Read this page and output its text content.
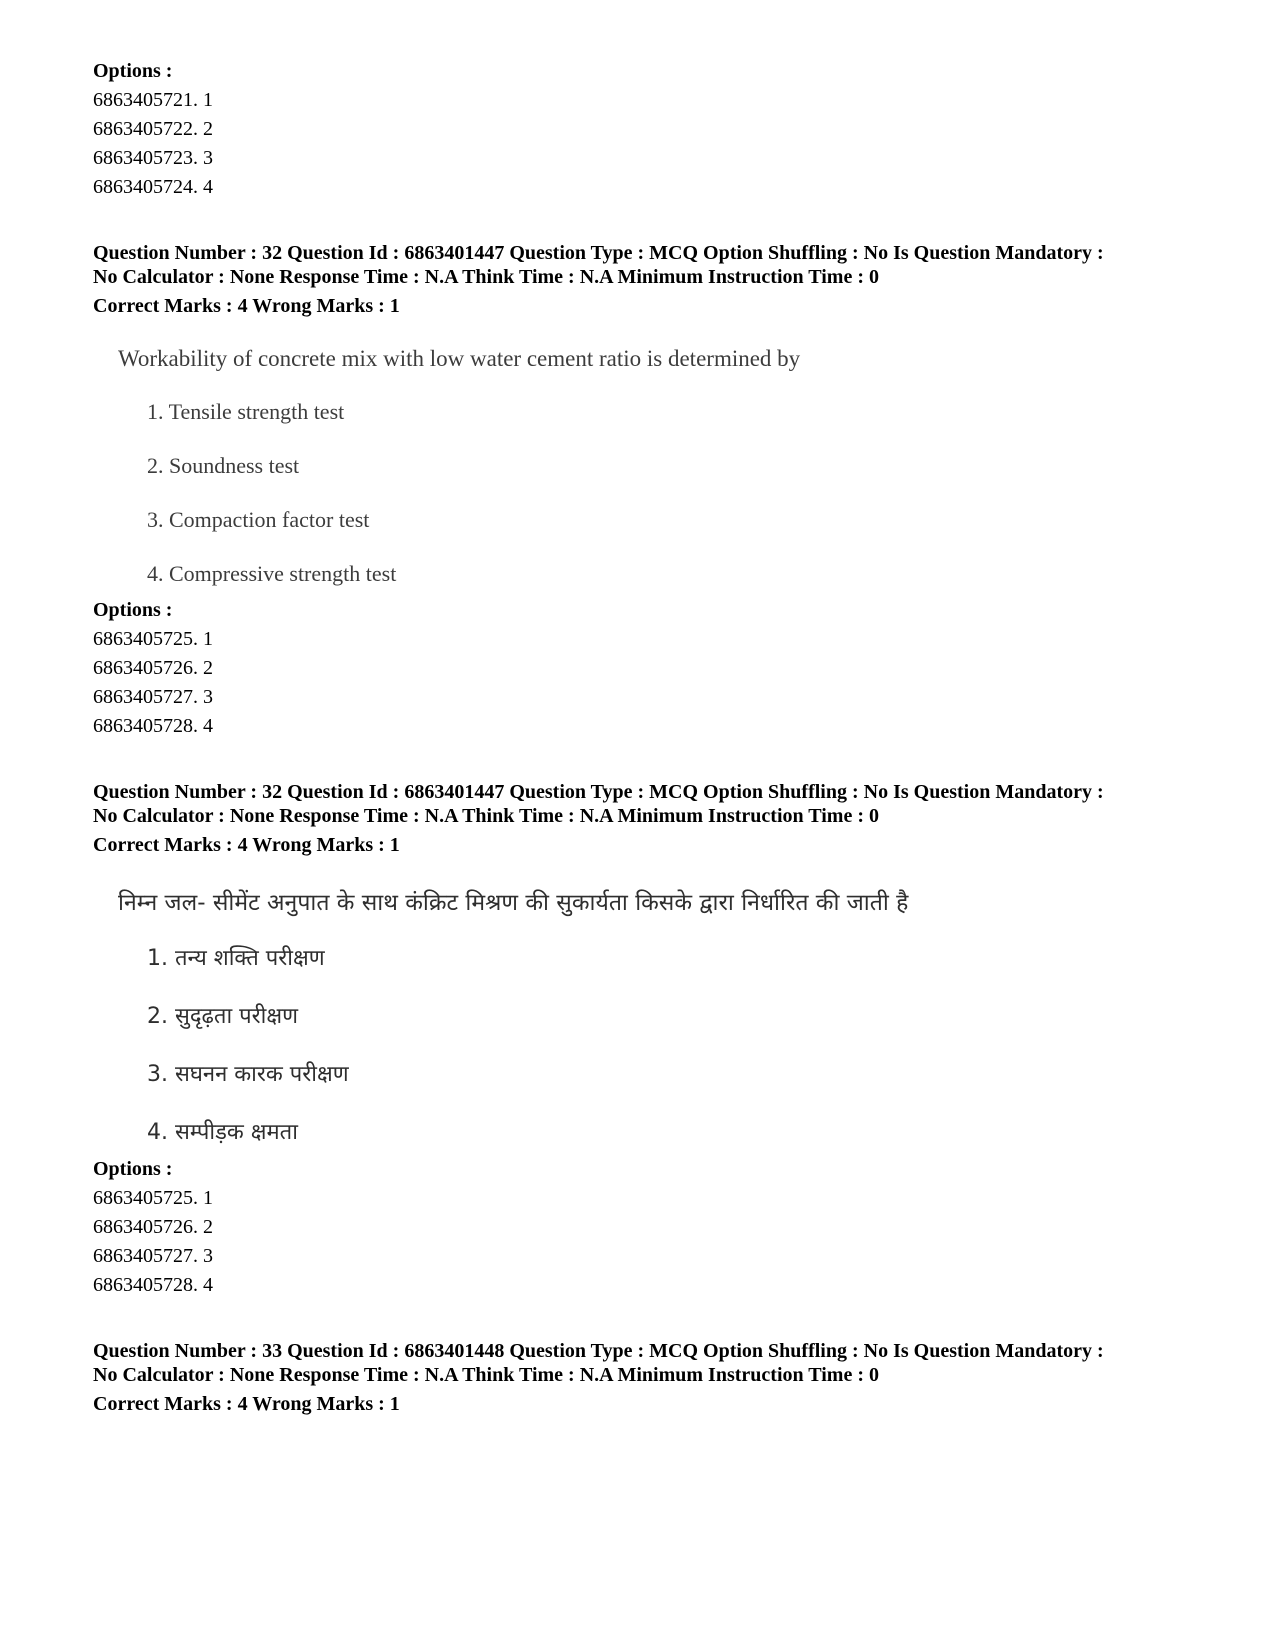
Options :
6863405721. 1
6863405722. 2
6863405723. 3
6863405724. 4
Question Number : 32 Question Id : 6863401447 Question Type : MCQ Option Shuffling : No Is Question Mandatory :
No Calculator : None Response Time : N.A Think Time : N.A Minimum Instruction Time : 0
Correct Marks : 4 Wrong Marks : 1
Workability of concrete mix with low water cement ratio is determined by
1. Tensile strength test
2. Soundness test
3. Compaction factor test
4. Compressive strength test
Options :
6863405725. 1
6863405726. 2
6863405727. 3
6863405728. 4
Question Number : 32 Question Id : 6863401447 Question Type : MCQ Option Shuffling : No Is Question Mandatory :
No Calculator : None Response Time : N.A Think Time : N.A Minimum Instruction Time : 0
Correct Marks : 4 Wrong Marks : 1
निम्न जल- सीमेंट अनुपात के साथ कंक्रिट मिश्रण की सुकार्यता किसके द्वारा निर्धारित की जाती है
1. तन्य शक्ति परीक्षण
2. सुदृढ़ता परीक्षण
3. सघनन कारक परीक्षण
4. सम्पीड़क क्षमता
Options :
6863405725. 1
6863405726. 2
6863405727. 3
6863405728. 4
Question Number : 33 Question Id : 6863401448 Question Type : MCQ Option Shuffling : No Is Question Mandatory :
No Calculator : None Response Time : N.A Think Time : N.A Minimum Instruction Time : 0
Correct Marks : 4 Wrong Marks : 1
